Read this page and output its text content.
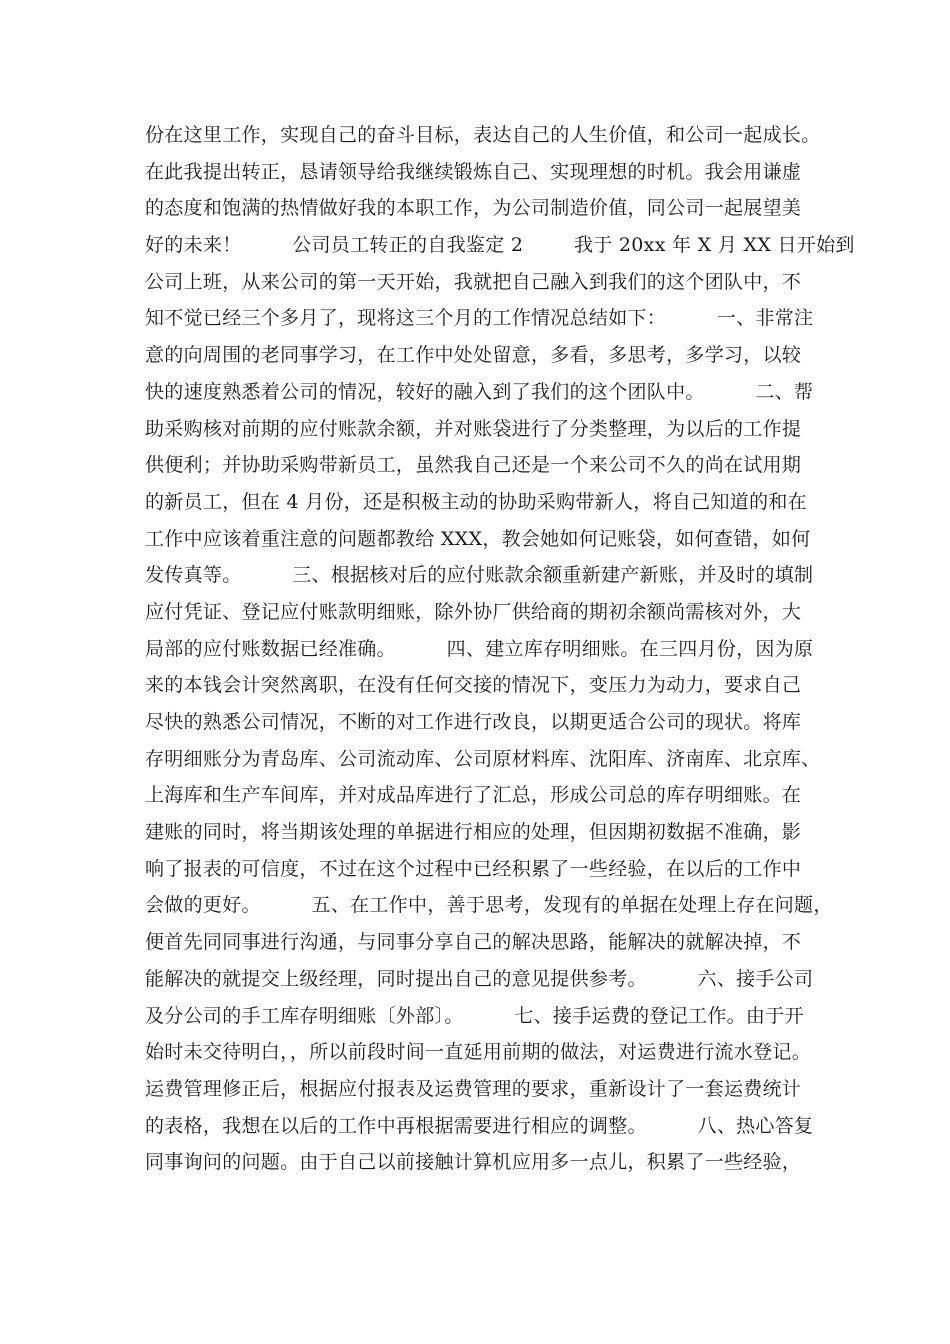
份在这里工作，实现自己的奋斗目标，表达自己的人生价值，和公司一起成长。
在此我提出转正，恳请领导给我继续锻炼自己、实现理想的时机。我会用谦虚
的态度和饱满的热情做好我的本职工作，为公司制造价值，同公司一起展望美
好的未来！        公司员工转正的自我鉴定 2        我于 20xx 年 X 月 XX 日开始到
公司上班，从来公司的第一天开始，我就把自己融入到我们的这个团队中，不
知不觉已经三个多月了，现将这三个月的工作情况总结如下：        一、非常注
意的向周围的老同事学习，在工作中处处留意，多看，多思考，多学习，以较
快的速度熟悉着公司的情况，较好的融入到了我们的这个团队中。        二、帮
助采购核对前期的应付账款余额，并对账袋进行了分类整理，为以后的工作提
供便利；并协助采购带新员工，虽然我自己还是一个来公司不久的尚在试用期
的新员工，但在 4 月份，还是积极主动的协助采购带新人，将自己知道的和在
工作中应该着重注意的问题都教给 XXX，教会她如何记账袋，如何查错，如何
发传真等。        三、根据核对后的应付账款余额重新建产新账，并及时的填制
应付凭证、登记应付账款明细账，除外协厂供给商的期初余额尚需核对外，大
局部的应付账数据已经准确。        四、建立库存明细账。在三四月份，因为原
来的本钱会计突然离职，在没有任何交接的情况下，变压力为动力，要求自己
尽快的熟悉公司情况，不断的对工作进行改良，以期更适合公司的现状。将库
存明细账分为青岛库、公司流动库、公司原材料库、沈阳库、济南库、北京库、
上海库和生产车间库，并对成品库进行了汇总，形成公司总的库存明细账。在
建账的同时，将当期该处理的单据进行相应的处理，但因期初数据不准确，影
响了报表的可信度，不过在这个过程中已经积累了一些经验，在以后的工作中
会做的更好。        五、在工作中，善于思考，发现有的单据在处理上存在问题，
便首先同同事进行沟通，与同事分享自己的解决思路，能解决的就解决掉，不
能解决的就提交上级经理，同时提出自己的意见提供参考。        六、接手公司
及分公司的手工库存明细账〔外部〕。        七、接手运费的登记工作。由于开
始时未交待明白，，所以前段时间一直延用前期的做法，对运费进行流水登记。
运费管理修正后，根据应付报表及运费管理的要求，重新设计了一套运费统计
的表格，我想在以后的工作中再根据需要进行相应的调整。        八、热心答复
同事询问的问题。由于自己以前接触计算机应用多一点儿，积累了一些经验，
